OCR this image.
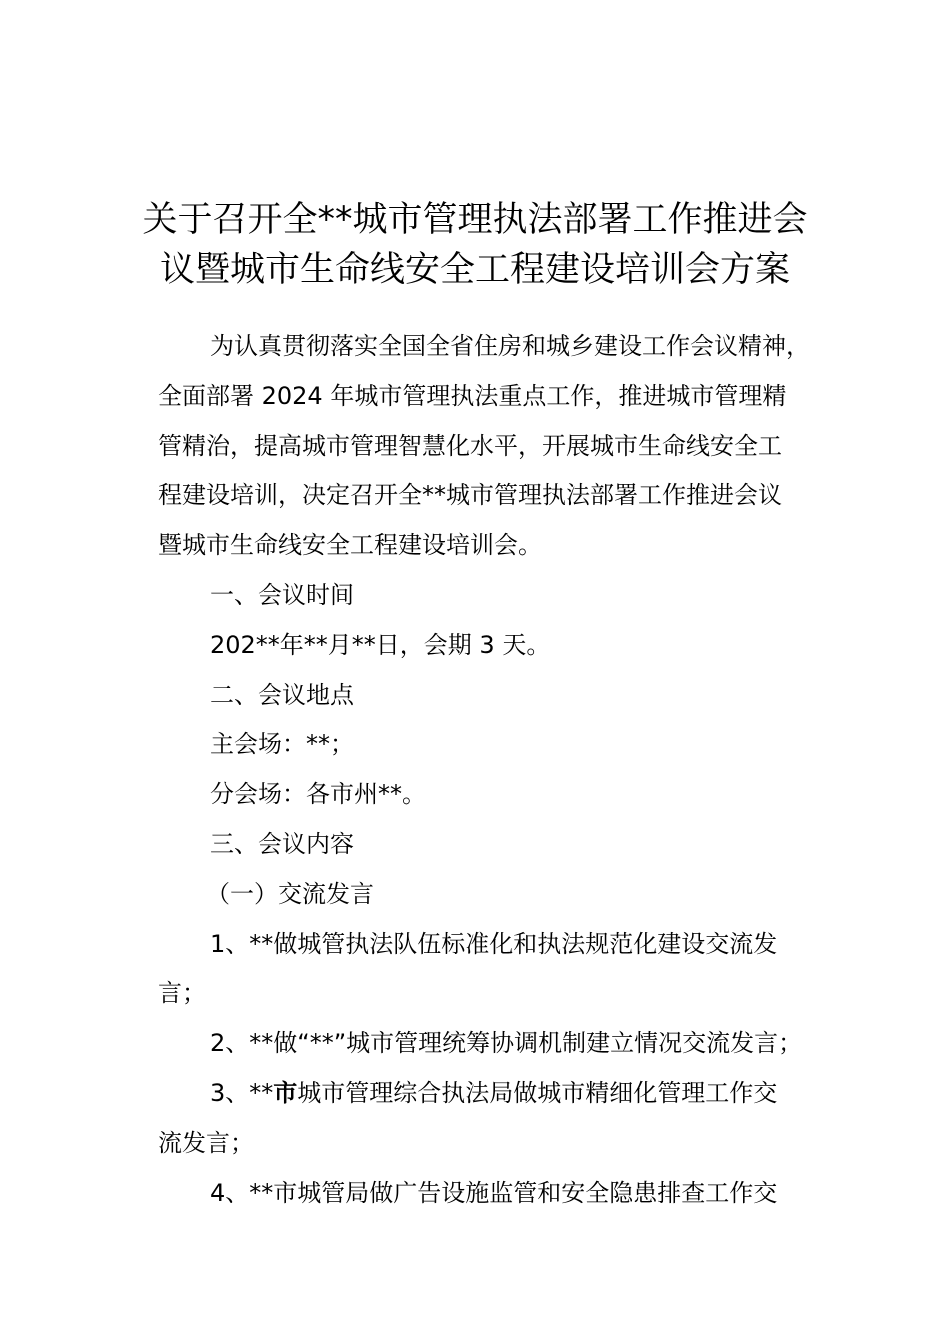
关于召开全**城市管理执法部署工作推进会
议暨城市生命线安全工程建设培训会方案

为认真贯彻落实全国全省住房和城乡建设工作会议精神，

全面部署 2024 年城市管理执法重点工作，推进城市管理精

管精治，提高城市管理智慧化水平，开展城市生命线安全工

程建设培训，决定召开全**城市管理执法部署工作推进会议

暨城市生命线安全工程建设培训会。

一、会议时间

202**年**月**日，会期 3 天。

二、会议地点

主会场：**；

分会场：各市州**。

三、会议内容

（一）交流发言

1、**做城管执法队伍标准化和执法规范化建设交流发

言；

2、**做“**”城市管理统筹协调机制建立情况交流发言；

3、**市城市管理综合执法局做城市精细化管理工作交

流发言；

4、**市城管局做广告设施监管和安全隐患排查工作交
